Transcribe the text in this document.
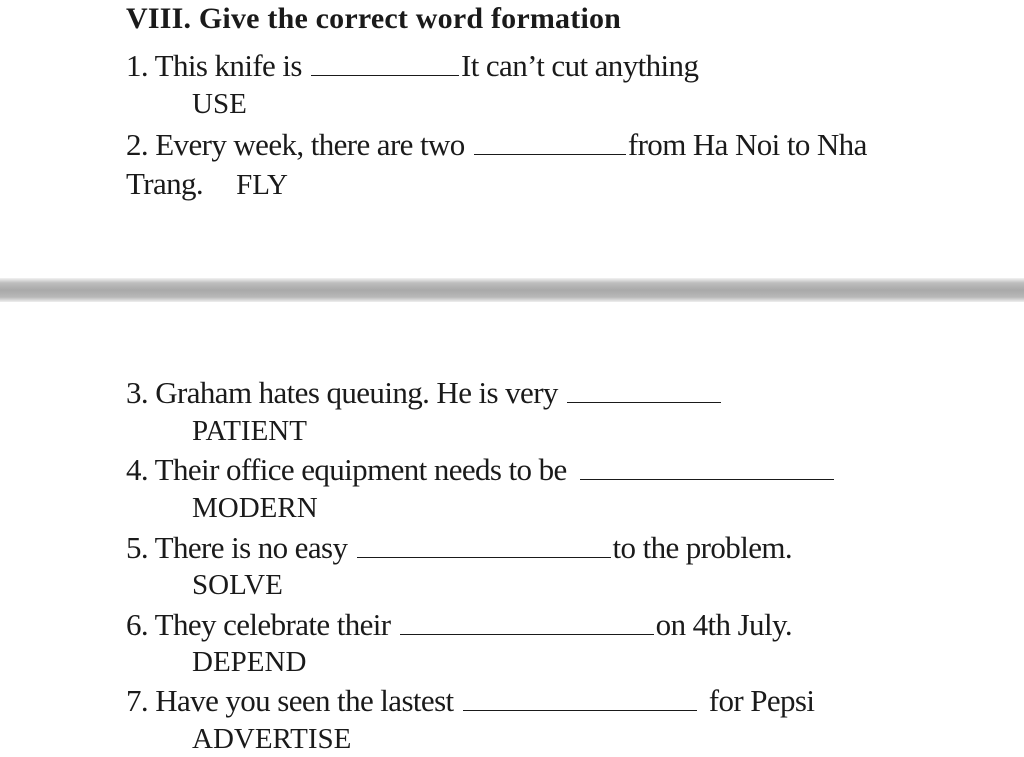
VIII. Give the correct word formation
1. This knife is	It can’t cut anything
USE
2. Every week, there are two	from Ha Noi to Nha
Trang. FLY
3. Graham hates queuing. He is very
PATIENT
4. Their office equipment needs to be
MODERN
5. There is no easy	to the problem.
SOLVE
6. They celebrate their	on 4th July.
DEPEND
7. Have you seen the lastest	for Pepsi
ADVERTISE
